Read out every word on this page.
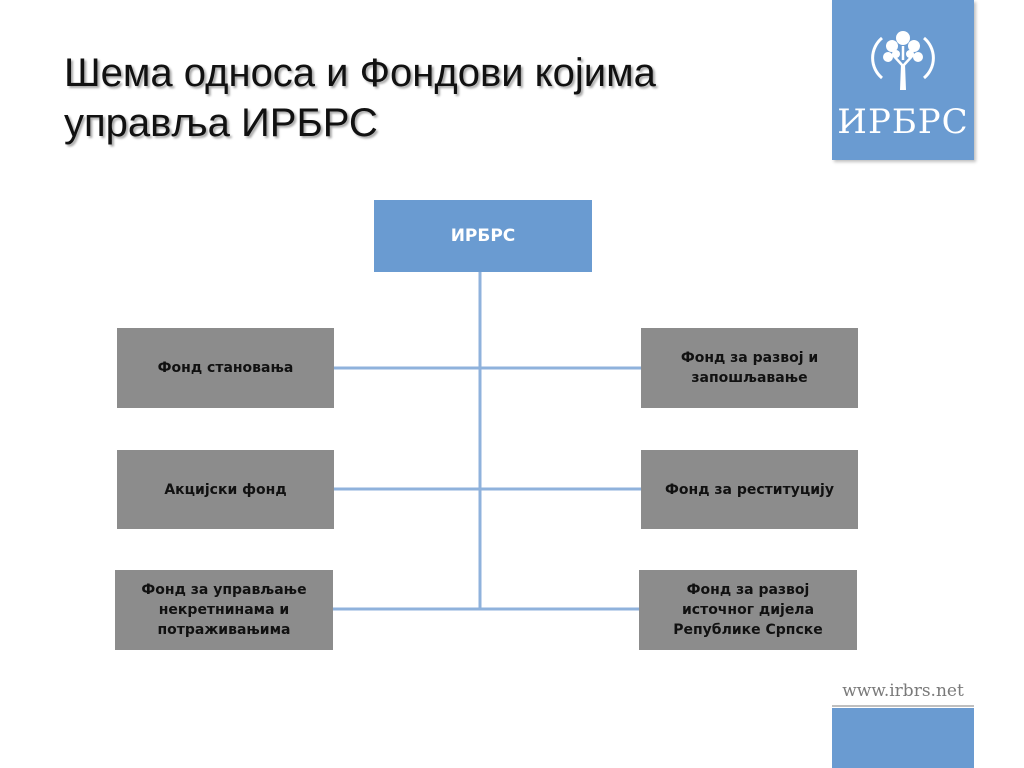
Шема односа и Фондови којима
управља ИРБРС	ИРБРС
ИРБРС
Фонд становања
Акцијски фонд
Фонд за управљање некретнинама и потраживањима
Фонд за развој и запошљавање
Фонд за реституцију
Фонд за развој источног дијела Републике Српске
www.irbrs.net
